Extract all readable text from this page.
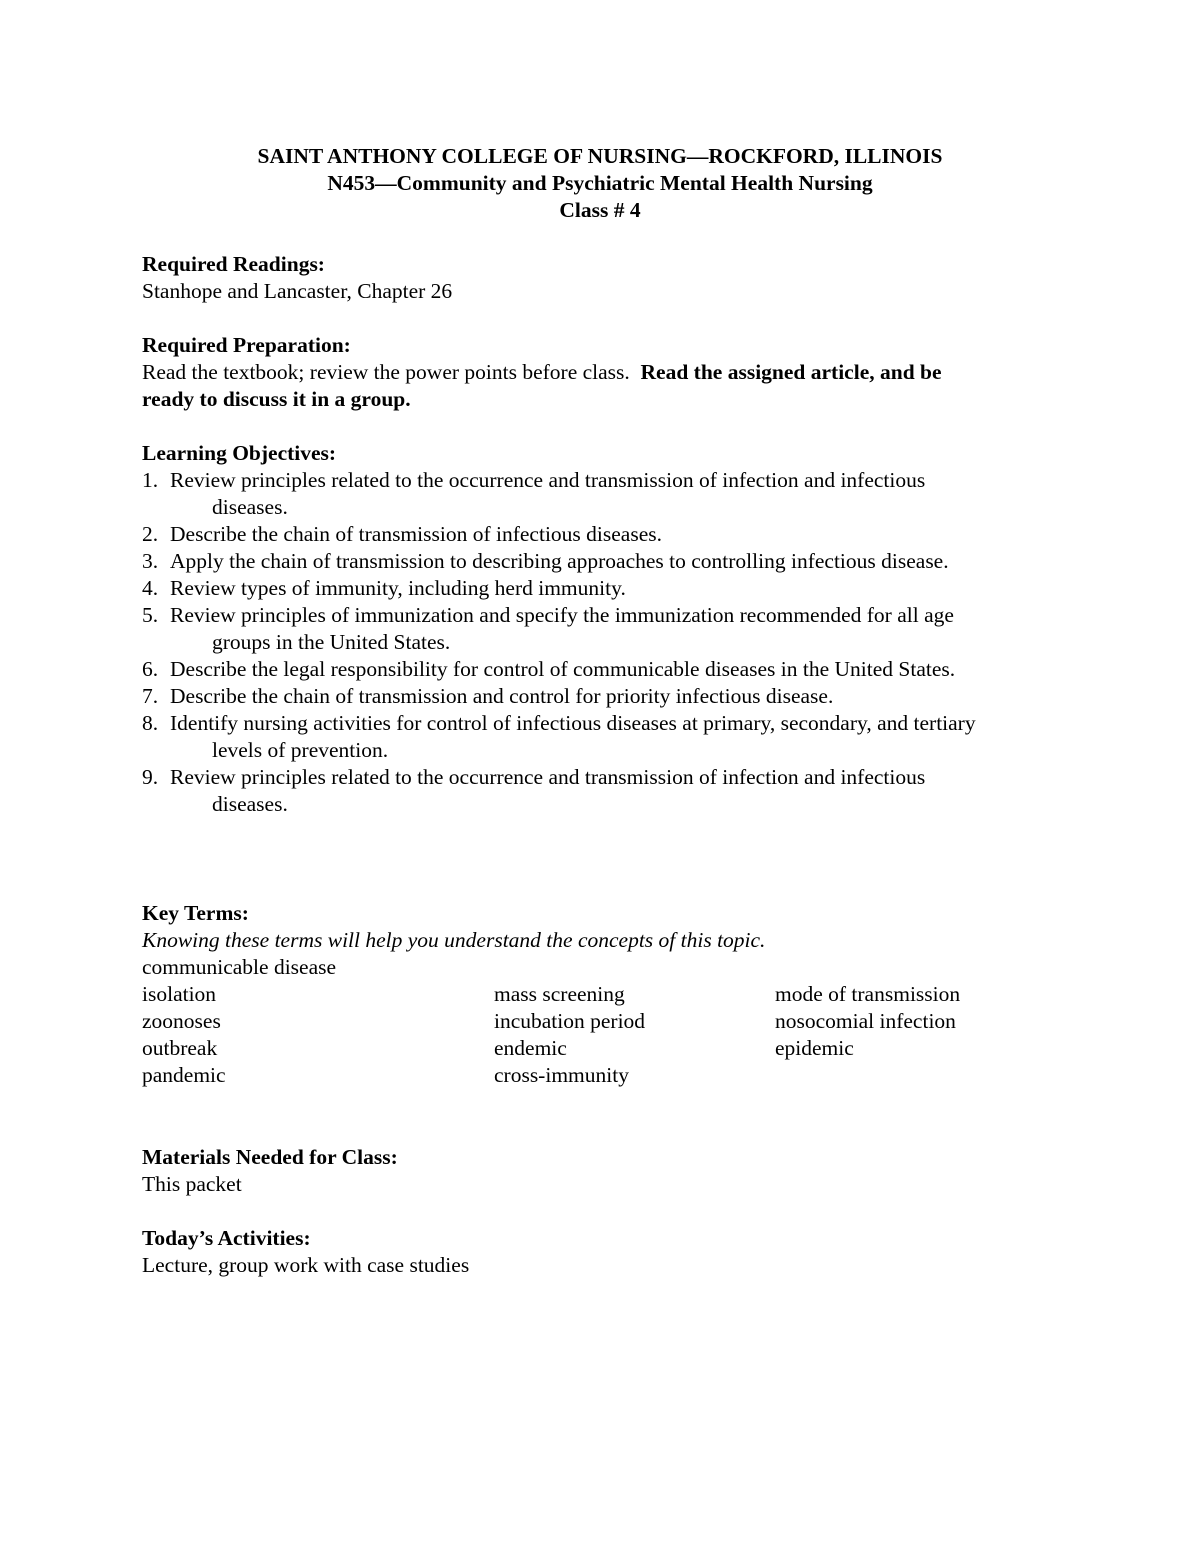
SAINT ANTHONY COLLEGE OF NURSING—ROCKFORD, ILLINOIS
N453—Community and Psychiatric Mental Health Nursing
Class # 4
Required Readings:
Stanhope and Lancaster, Chapter 26
Required Preparation:
Read the textbook; review the power points before class.  Read the assigned article, and be
ready to discuss it in a group.
Learning Objectives:
1. Review principles related to the occurrence and transmission of infection and infectious
diseases.
2. Describe the chain of transmission of infectious diseases.
3. Apply the chain of transmission to describing approaches to controlling infectious disease.
4. Review types of immunity, including herd immunity.
5. Review principles of immunization and specify the immunization recommended for all age
groups in the United States.
6. Describe the legal responsibility for control of communicable diseases in the United States.
7. Describe the chain of transmission and control for priority infectious disease.
8. Identify nursing activities for control of infectious diseases at primary, secondary, and tertiary
levels of prevention.
9. Review principles related to the occurrence and transmission of infection and infectious
diseases.
Key Terms:
Knowing these terms will help you understand the concepts of this topic.
communicable disease
isolation	mass screening	mode of transmission
zoonoses	incubation period	nosocomial infection
outbreak	endemic	epidemic
pandemic	cross-immunity
Materials Needed for Class:
This packet
Today’s Activities:
Lecture, group work with case studies
